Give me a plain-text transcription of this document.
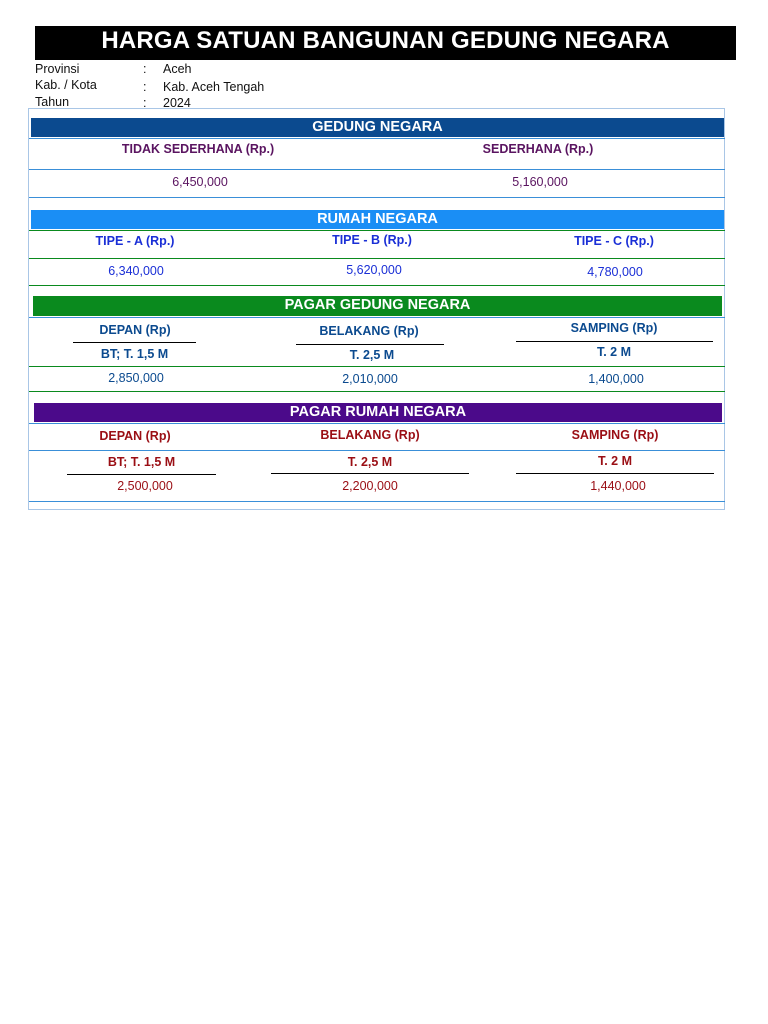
HARGA SATUAN BANGUNAN GEDUNG NEGARA
Provinsi	: Aceh
Kab. / Kota	: Kab. Aceh Tengah
Tahun	: 2024
GEDUNG NEGARA
TIDAK SEDERHANA (Rp.)	SEDERHANA (Rp.)
6,450,000	5,160,000
RUMAH NEGARA
TIPE - A (Rp.)	TIPE - B (Rp.)	TIPE - C (Rp.)
6,340,000	5,620,000	4,780,000
PAGAR GEDUNG NEGARA
DEPAN (Rp)	BELAKANG (Rp)	SAMPING (Rp)
BT; T. 1,5 M	T. 2,5 M	T. 2 M
2,850,000	2,010,000	1,400,000
PAGAR RUMAH NEGARA
DEPAN (Rp)	BELAKANG (Rp)	SAMPING (Rp)
BT; T. 1,5 M	T. 2,5 M	T. 2 M
2,500,000	2,200,000	1,440,000
